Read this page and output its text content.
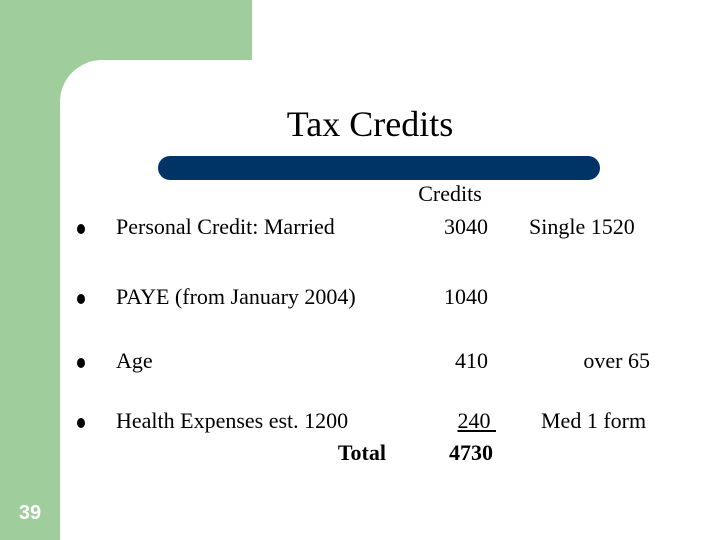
Tax Credits
Credits
Personal Credit: Married	3040 Single 1520
PAYE (from January 2004)	1040
Age	410	over 65
Health Expenses est. 1200	240 Med 1 form
Total	4730
39
